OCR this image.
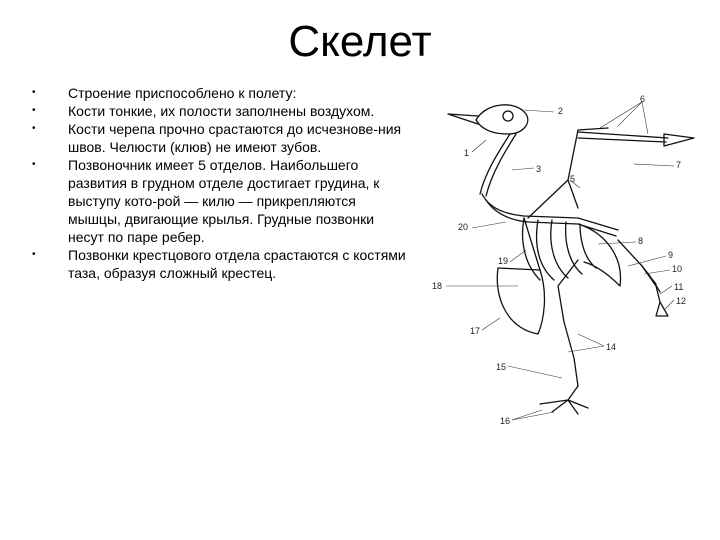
Скелет
• Строение приспособлено к полету:
• Кости тонкие, их полости заполнены воздухом.
• Кости черепа прочно срастаются до исчезнове-ния швов. Челюсти (клюв) не имеют зубов.
• Позвоночник имеет 5 отделов. Наибольшего развития в грудном отделе достигает грудина, к выступу кото-рой — килю — прикрепляются мышцы, двигающие крылья. Грудные позвонки несут по паре ребер.
• Позвонки крестцового отдела срастаются с костями таза, образуя сложный крестец.
1
2
3
5
6
7
8
9
10
11
12
14
15
16
17
18
19
20
